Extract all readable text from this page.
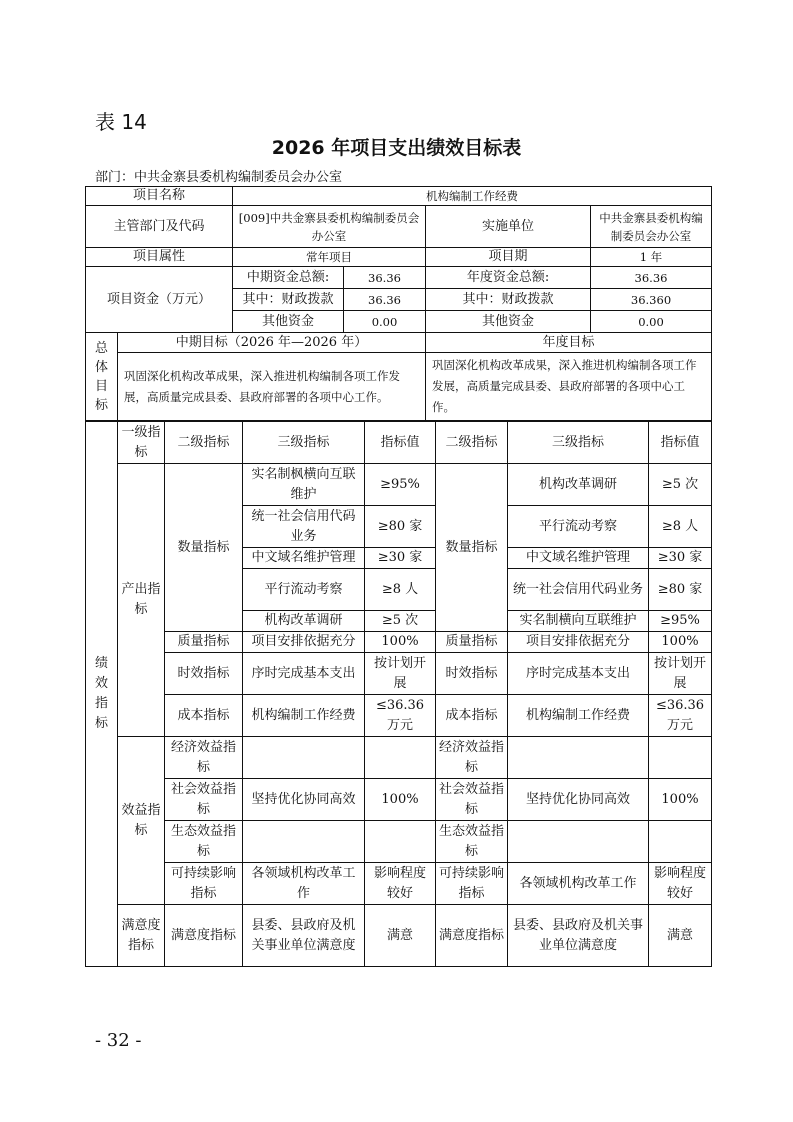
表 14
2026 年项目支出绩效目标表
部门：中共金寨县委机构编制委员会办公室
项目名称		机构编制工作经费			
主管部门及代码		[009]中共金寨县委机构编制委员会办公室		实施单位	中共金寨县委机构编制委员会办公室
项目属性		常年项目		项目期	1 年
项目资金（万元）		中期资金总额:	36.36	年度资金总额:	36.36
		其中：财政拨款	36.36	其中：财政拨款	36.360
		其他资金	0.00	其他资金	0.00
总体目标	中期目标（2026 年—2026 年）			年度目标	
	巩固深化机构改革成果，深入推进机构编制各项工作发展，高质量完成县委、县政府部署的各项中心工作。			巩固深化机构改革成果，深入推进机构编制各项工作发展，高质量完成县委、县政府部署的各项中心工作。	
绩效指标	一级指标	二级指标	三级指标	指标值	二级指标	三级指标	指标值
	产出指标	数量指标	实名制枫横向互联维护	≥95%	数量指标	机构改革调研	≥5 次
			统一社会信用代码业务	≥80 家		平行流动考察	≥8 人
			中文域名维护管理	≥30 家		中文域名维护管理	≥30 家
			平行流动考察	≥8 人		统一社会信用代码业务	≥80 家
			机构改革调研	≥5 次		实名制横向互联维护	≥95%
		质量指标	项目安排依据充分	100%	质量指标	项目安排依据充分	100%
		时效指标	序时完成基本支出	按计划开展	时效指标	序时完成基本支出	按计划开展
		成本指标	机构编制工作经费	≤36.36 万元	成本指标	机构编制工作经费	≤36.36 万元
	效益指标	经济效益指标			经济效益指标		
		社会效益指标	坚持优化协同高效	100%	社会效益指标	坚持优化协同高效	100%
		生态效益指标			生态效益指标		
		可持续影响指标	各领域机构改革工作	影响程度较好	可持续影响指标	各领域机构改革工作	影响程度较好
	满意度指标	满意度指标	县委、县政府及机关事业单位满意度	满意	满意度指标	县委、县政府及机关事业单位满意度	满意
- 32 -
